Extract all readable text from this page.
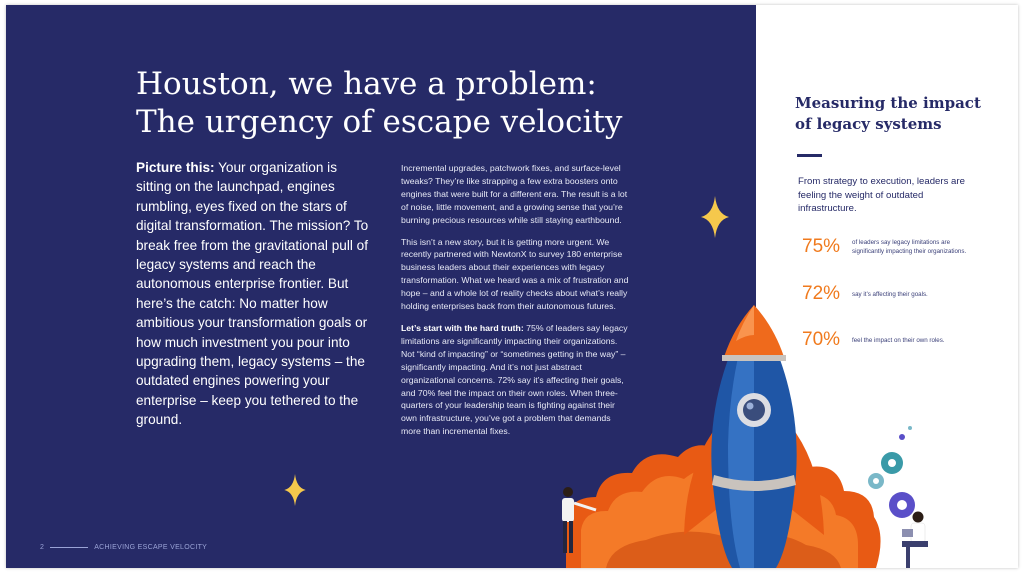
Houston, we have a problem:
The urgency of escape velocity

Picture this: Your organization is sitting on the launchpad, engines rumbling, eyes fixed on the stars of digital transformation. The mission? To break free from the gravitational pull of legacy systems and reach the autonomous enterprise frontier. But here’s the catch: No matter how ambitious your transformation goals or how much investment you pour into upgrading them, legacy systems – the outdated engines powering your enterprise – keep you tethered to the ground.

Incremental upgrades, patchwork fixes, and surface-level tweaks? They’re like strapping a few extra boosters onto engines that were built for a different era. The result is a lot of noise, little movement, and a growing sense that you’re burning precious resources while still staying earthbound.

This isn’t a new story, but it is getting more urgent. We recently partnered with NewtonX to survey 180 enterprise business leaders about their experiences with legacy transformation. What we heard was a mix of frustration and hope – and a whole lot of reality checks about what’s really holding enterprises back from their autonomous futures.

Let’s start with the hard truth: 75% of leaders say legacy limitations are significantly impacting their organizations. Not “kind of impacting” or “sometimes getting in the way” – significantly impacting. And it’s not just abstract organizational concerns. 72% say it’s affecting their goals, and 70% feel the impact on their own roles. When three-quarters of your leadership team is fighting against their own infrastructure, you’ve got a problem that demands more than incremental fixes.

2	ACHIEVING ESCAPE VELOCITY
Measuring the impact
of legacy systems
From strategy to execution, leaders are feeling the weight of outdated infrastructure.
75%	of leaders say legacy limitations are significantly impacting their organizations.
72%	say it’s affecting their goals.
70%	feel the impact on their own roles.
